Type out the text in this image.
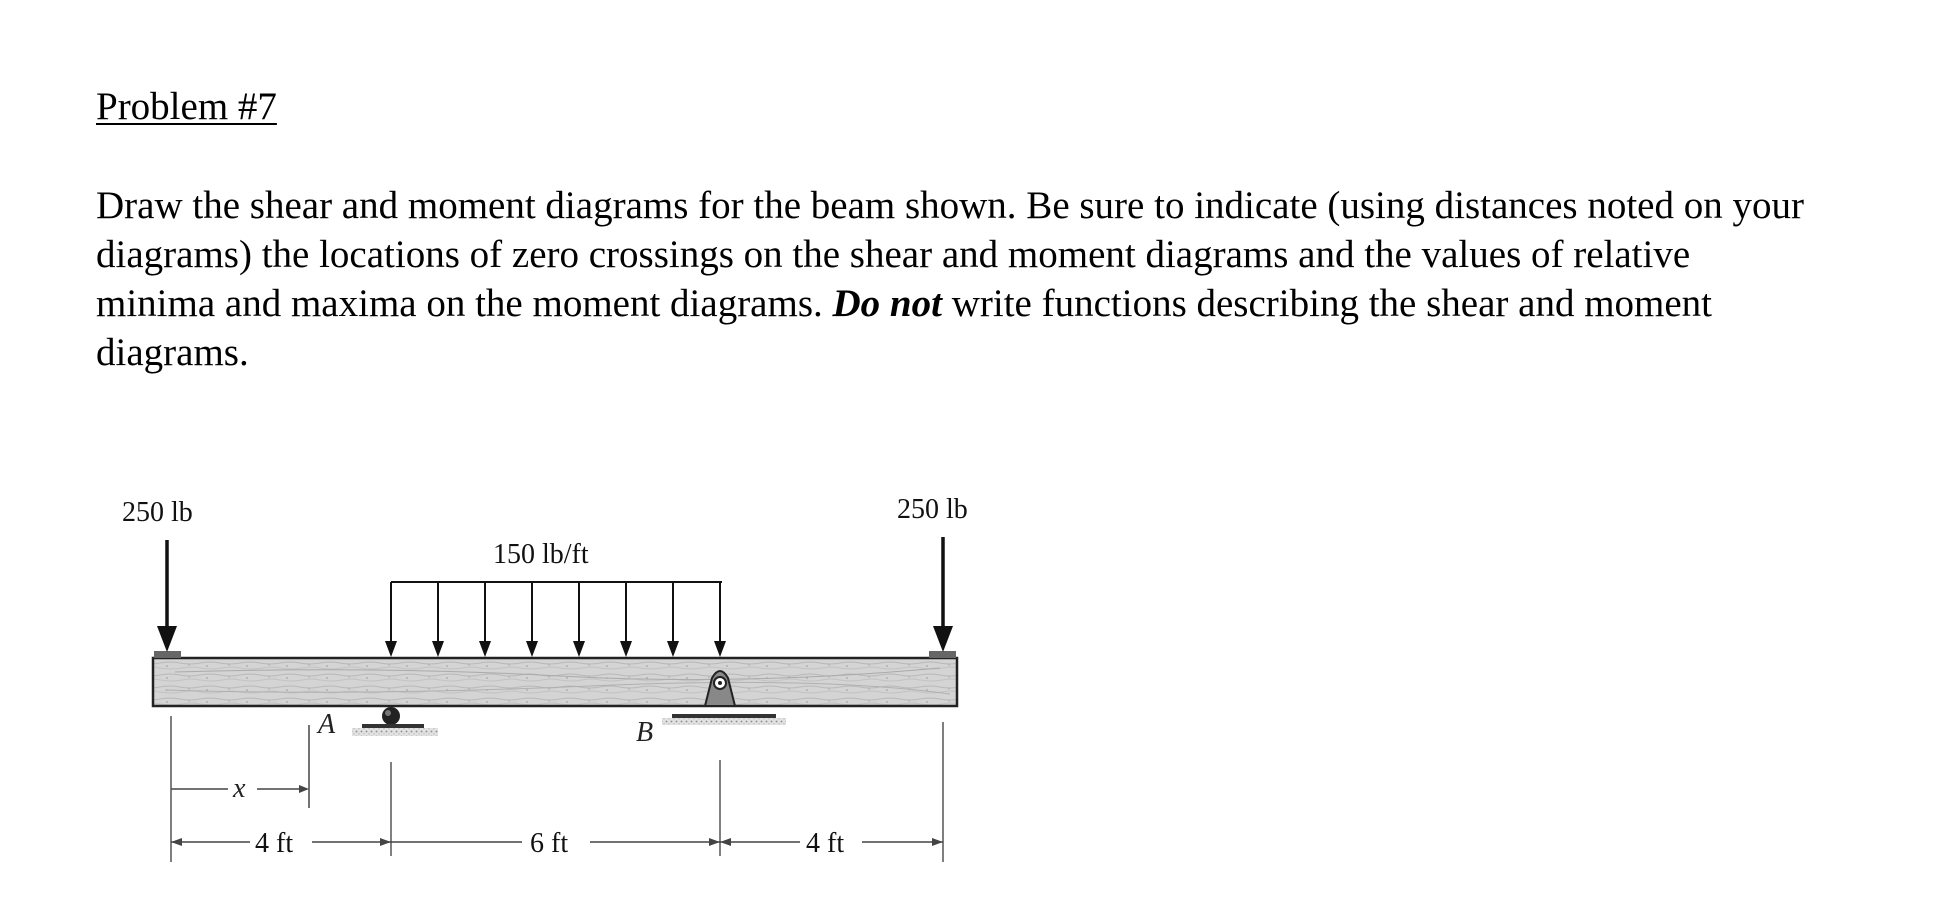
Problem #7

Draw the shear and moment diagrams for the beam shown. Be sure to indicate (using distances noted on your diagrams) the locations of zero crossings on the shear and moment diagrams and the values of relative minima and maxima on the moment diagrams. Do not write functions describing the shear and moment diagrams.

250 lb	250 lb
150 lb/ft
A	B
x
4 ft	6 ft	4 ft
